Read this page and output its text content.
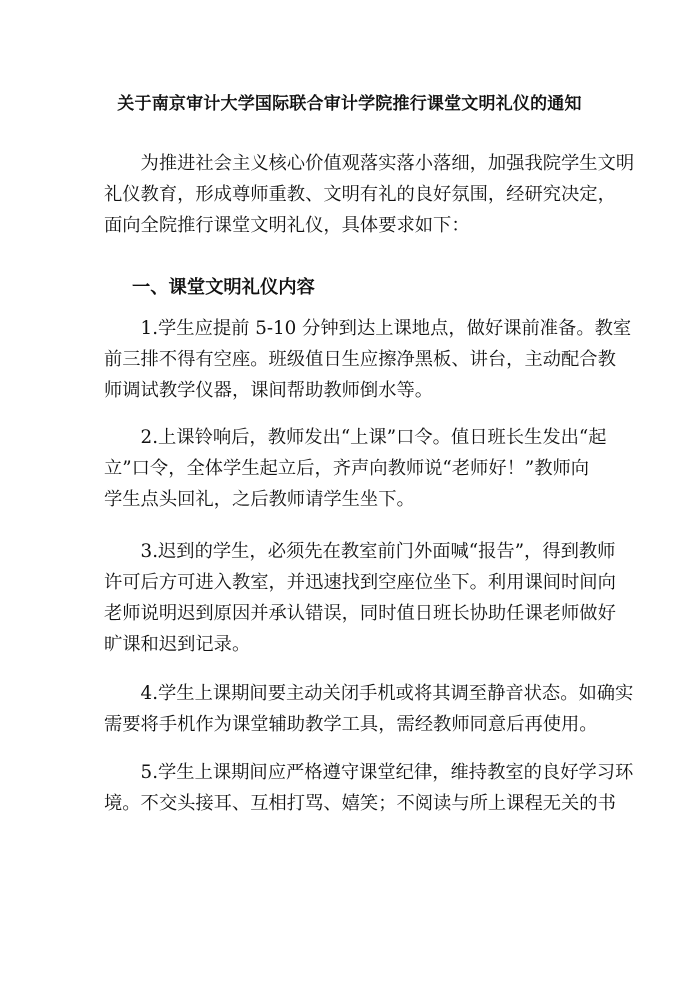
关于南京审计大学国际联合审计学院推行课堂文明礼仪的通知

　　为推进社会主义核心价值观落实落小落细，加强我院学生文明
礼仪教育，形成尊师重教、文明有礼的良好氛围，经研究决定，
面向全院推行课堂文明礼仪，具体要求如下：

一、课堂文明礼仪内容

　　1.学生应提前 5-10 分钟到达上课地点，做好课前准备。教室
前三排不得有空座。班级值日生应擦净黑板、讲台，主动配合教
师调试教学仪器，课间帮助教师倒水等。

　　2.上课铃响后，教师发出“上课”口令。值日班长生发出“起
立”口令，全体学生起立后，齐声向教师说“老师好！”教师向
学生点头回礼，之后教师请学生坐下。

　　3.迟到的学生，必须先在教室前门外面喊“报告”，得到教师
许可后方可进入教室，并迅速找到空座位坐下。利用课间时间向
老师说明迟到原因并承认错误，同时值日班长协助任课老师做好
旷课和迟到记录。

　　4.学生上课期间要主动关闭手机或将其调至静音状态。如确实
需要将手机作为课堂辅助教学工具，需经教师同意后再使用。

　　5.学生上课期间应严格遵守课堂纪律，维持教室的良好学习环
境。不交头接耳、互相打骂、嬉笑；不阅读与所上课程无关的书
